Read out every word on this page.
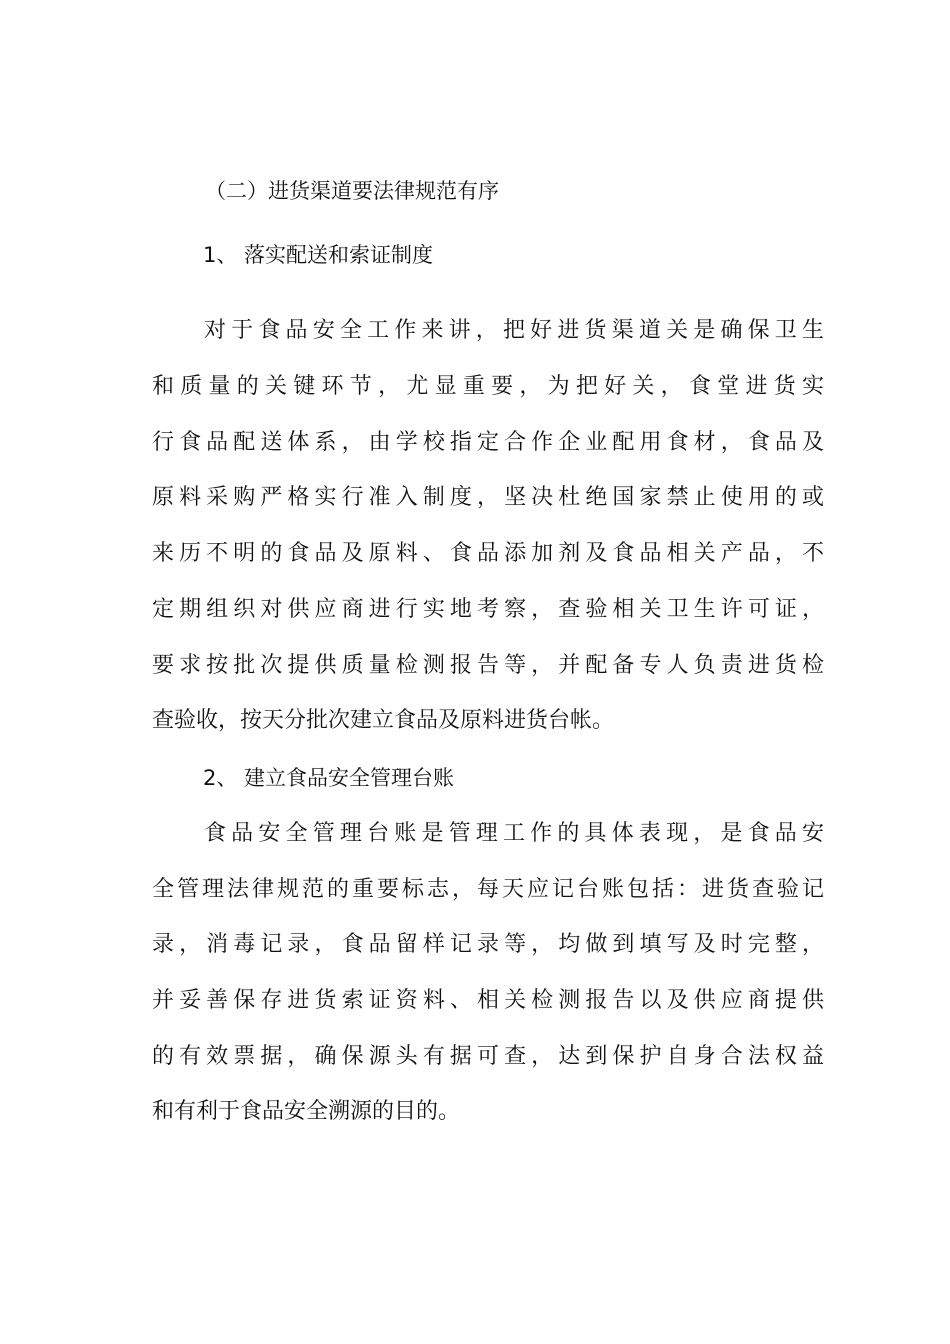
（二）进货渠道要法律规范有序
1、 落实配送和索证制度
对于食品安全工作来讲，把好进货渠道关是确保卫生
和质量的关键环节，尤显重要，为把好关，食堂进货实
行食品配送体系，由学校指定合作企业配用食材，食品及
原料采购严格实行准入制度，坚决杜绝国家禁止使用的或
来历不明的食品及原料、食品添加剂及食品相关产品，不
定期组织对供应商进行实地考察，查验相关卫生许可证，
要求按批次提供质量检测报告等，并配备专人负责进货检
查验收，按天分批次建立食品及原料进货台帐。
2、 建立食品安全管理台账
食品安全管理台账是管理工作的具体表现，是食品安
全管理法律规范的重要标志，每天应记台账包括：进货查验记
录，消毒记录，食品留样记录等，均做到填写及时完整，
并妥善保存进货索证资料、相关检测报告以及供应商提供
的有效票据，确保源头有据可查，达到保护自身合法权益
和有利于食品安全溯源的目的。
